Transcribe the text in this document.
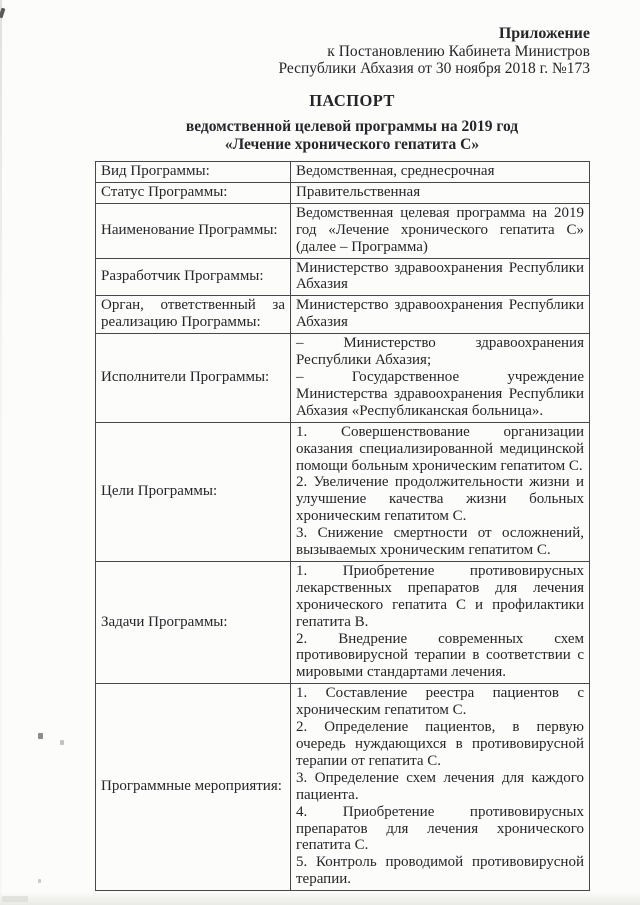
Приложение
к Постановлению Кабинета Министров
Республики Абхазия от 30 ноября 2018 г. №173
ПАСПОРТ
ведомственной целевой программы на 2019 год
«Лечение хронического гепатита С»
Вид Программы:	Ведомственная, среднесрочная

Статус Программы:	Правительственная

Наименование Программы:	Ведомственная целевая программа на 2019 год «Лечение хронического гепатита С» (далее – Программа)

Разработчик Программы:	Министерство здравоохранения Республики Абхазия

Орган, ответственный за реализацию Программы:	Министерство здравоохранения Республики Абхазия

Исполнители Программы:	– Министерство здравоохранения Республики Абхазия;
– Государственное учреждение Министерства здравоохранения Республики Абхазия «Республиканская больница».

Цели Программы:	1. Совершенствование организации оказания специализированной медицинской помощи больным хроническим гепатитом С.
2. Увеличение продолжительности жизни и улучшение качества жизни больных хроническим гепатитом С.
3. Снижение смертности от осложнений, вызываемых хроническим гепатитом С.

Задачи Программы:	1. Приобретение противовирусных лекарственных препаратов для лечения хронического гепатита С и профилактики гепатита В.
2. Внедрение современных схем противовирусной терапии в соответствии с мировыми стандартами лечения.

Программные мероприятия:	1. Составление реестра пациентов с хроническим гепатитом С.
2. Определение пациентов, в первую очередь нуждающихся в противовирусной терапии от гепатита С.
3. Определение схем лечения для каждого пациента.
4. Приобретение противовирусных препаратов для лечения хронического гепатита С.
5. Контроль проводимой противовирусной терапии.
